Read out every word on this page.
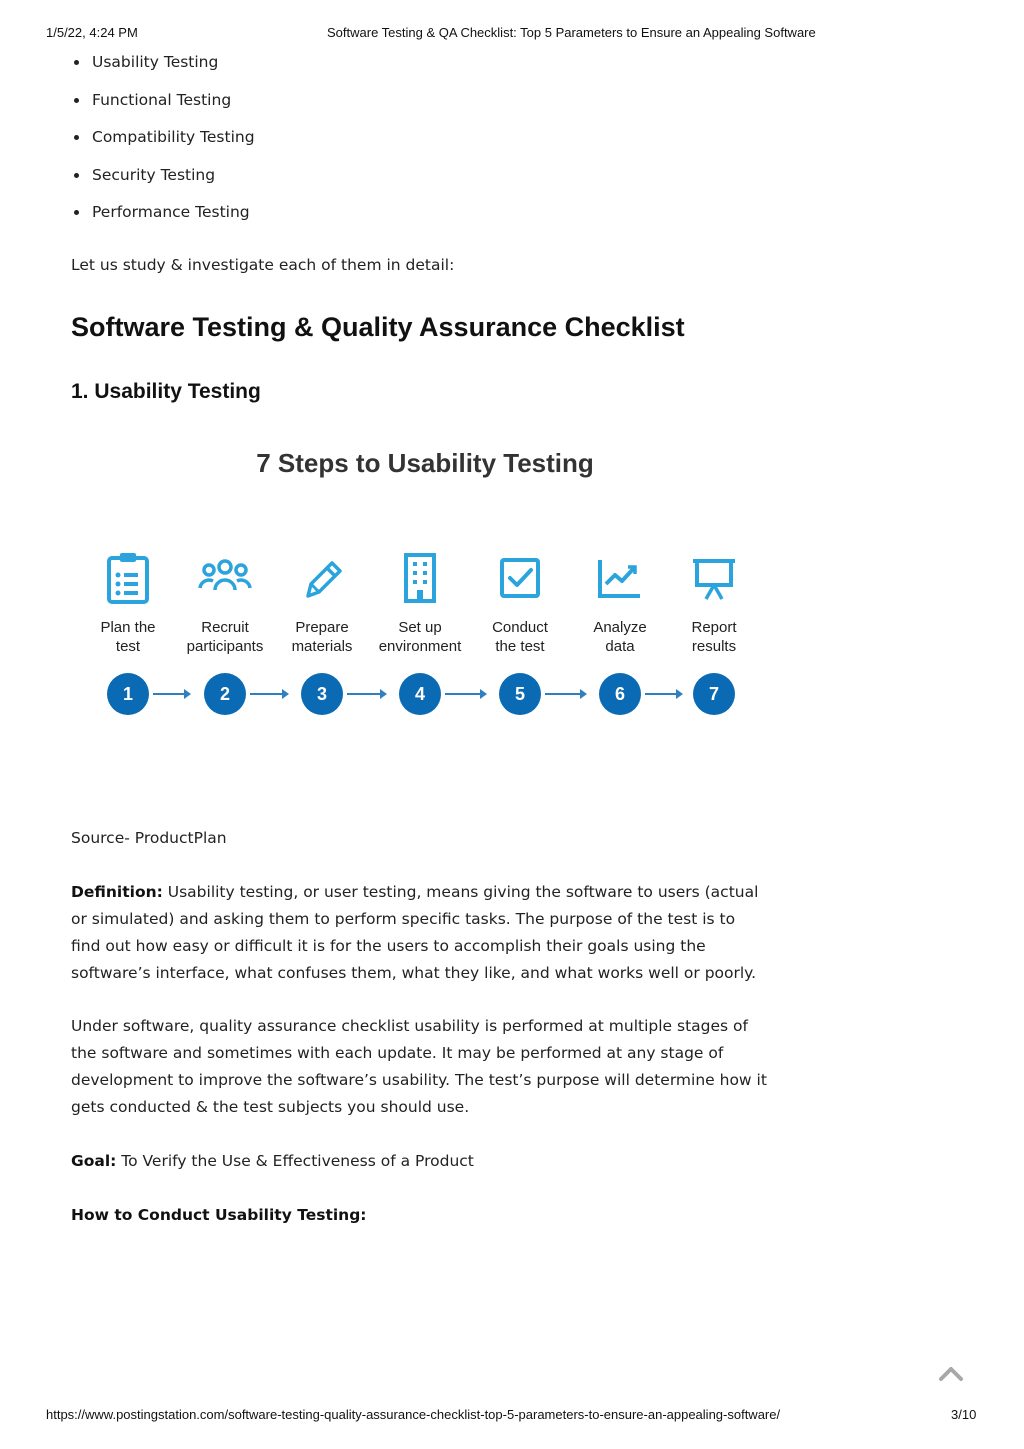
1/5/22, 4:24 PM	Software Testing & QA Checklist: Top 5 Parameters to Ensure an Appealing Software
Usability Testing
Functional Testing
Compatibility Testing
Security Testing
Performance Testing

Let us study & investigate each of them in detail:

Software Testing & Quality Assurance Checklist
1. Usability Testing

Source- ProductPlan

Definition: Usability testing, or user testing, means giving the software to users (actual
or simulated) and asking them to perform specific tasks. The purpose of the test is to
find out how easy or difficult it is for the users to accomplish their goals using the
software’s interface, what confuses them, what they like, and what works well or poorly.
Under software, quality assurance checklist usability is performed at multiple stages of
the software and sometimes with each update. It may be performed at any stage of
development to improve the software’s usability. The test’s purpose will determine how it
gets conducted & the test subjects you should use.
Goal: To Verify the Use & Effectiveness of a Product
How to Conduct Usability Testing:
7 Steps to Usability Testing
Plan the
test
1
Recruit
participants
2
Prepare
materials
3
Set up
environment
4
Conduct
the test
5
Analyze
data
6
Report
results
7
https://www.postingstation.com/software-testing-quality-assurance-checklist-top-5-parameters-to-ensure-an-appealing-software/	3/10
